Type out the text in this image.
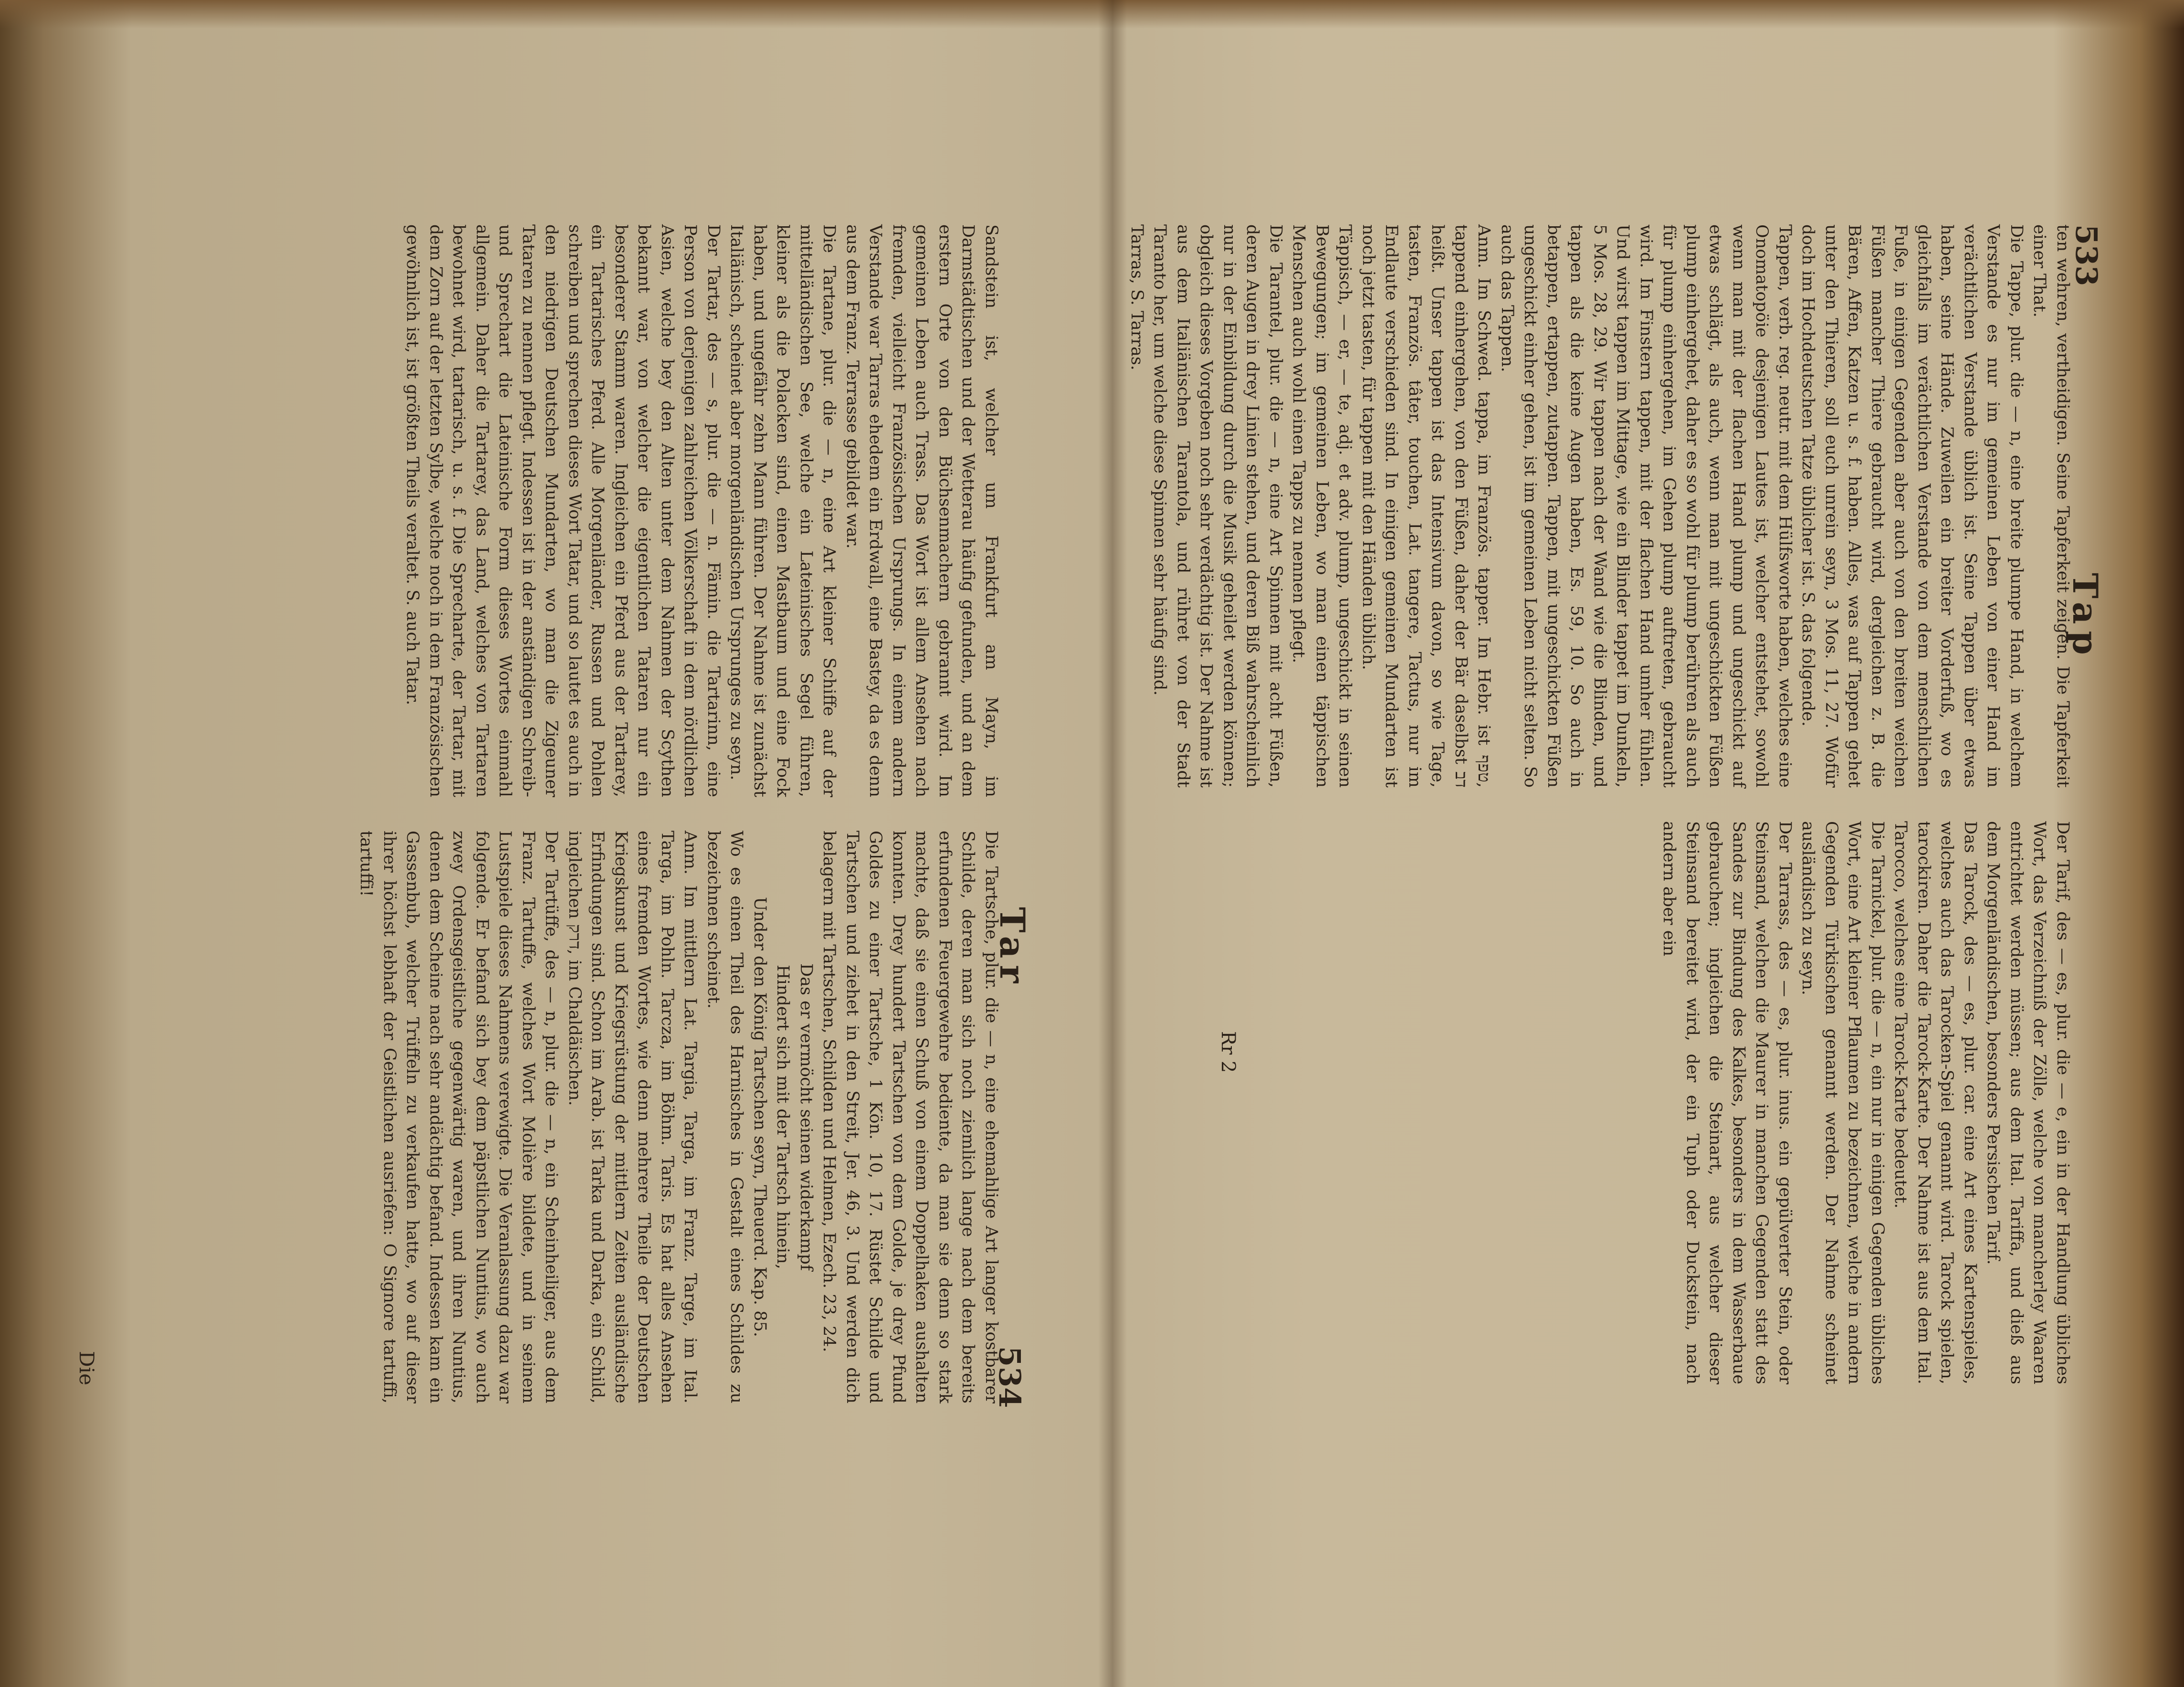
533
Tap

ten wehren, vertheidigen. Seine Tapferkeit zeigen. Die Tapferkeit einer That.

Die Tappe, plur. die — n, eine breite plumpe Hand, in welchem Verstande es nur im gemeinen Leben von einer Hand im verächtlichen Verstande üblich ist. Seine Tappen über etwas haben, seine Hände. Zuweilen ein breiter Vorderfuß, wo es gleichfalls im verächtlichen Verstande von dem menschlichen Fuße, in einigen Gegenden aber auch von den breiten weichen Füßen mancher Thiere gebraucht wird, dergleichen z. B. die Bären, Affen, Katzen u. s. f. haben. Alles, was auf Tappen gehet unter den Thieren, soll euch unrein seyn, 3 Mos. 11, 27. Wofür doch im Hochdeutschen Tatze üblicher ist. S. das folgende.

Tappen, verb. reg. neutr. mit dem Hülfsworte haben, welches eine Onomatopöie desjenigen Lautes ist, welcher entstehet, sowohl wenn man mit der flachen Hand plump und ungeschickt auf etwas schlägt, als auch, wenn man mit ungeschickten Füßen plump einhergehet, daher es so wohl für plump berühren als auch für plump einhergehen, im Gehen plump auftreten, gebraucht wird. Im Finstern tappen, mit der flachen Hand umher fühlen. Und wirst tappen im Mittage, wie ein Blinder tappet im Dunkeln, 5 Mos. 28, 29. Wir tappen nach der Wand wie die Blinden, und tappen als die keine Augen haben, Es. 59, 10. So auch in betappen, ertappen, zutappen. Tappen, mit ungeschickten Füßen ungeschickt einher gehen, ist im gemeinen Leben nicht selten. So auch das Tappen.

Anm. Im Schwed. tappa, im Französ. tapper. Im Hebr. ist טפף, tappend einhergehen, von den Füßen, daher der Bär daselbst דב heißt. Unser tappen ist das Intensivum davon, so wie Tage, tasten, Französ. tâter, touchen, Lat. tangere, Tactus, nur im Endlaute verschieden sind. In einigen gemeinen Mundarten ist noch jetzt tasten, für tappen mit den Händen üblich.

Täppisch, — er, — te, adj. et adv. plump, ungeschickt in seinen Bewegungen; im gemeinen Leben, wo man einen täppischen Menschen auch wohl einen Tapps zu nennen pflegt.

Die Tarantel, plur. die — n, eine Art Spinnen mit acht Füßen, deren Augen in drey Linien stehen, und deren Biß wahrscheinlich nur in der Einbildung durch die Musik geheilet werden können; obgleich dieses Vorgeben noch sehr verdächtig ist. Der Nahme ist aus dem Italiänischen Tarantola, und rühret von der Stadt Taranto her, um welche diese Spinnen sehr häufig sind.

Tarras, S. Tarras.

Der Tarif, des — es, plur. die — e, ein in der Handlung übliches Wort, das Verzeichniß der Zölle, welche von mancherley Waaren entrichtet werden müssen; aus dem Ital. Tariffa, und dieß aus dem Morgenländischen, besonders Persischen Tarif.

Das Tarock, des — es, plur. car. eine Art eines Kartenspieles, welches auch das Tarocken-Spiel genannt wird. Tarock spielen, tarockiren. Daher die Tarock-Karte. Der Nahme ist aus dem Ital. Tarocco, welches eine Tarock-Karte bedeutet.

Die Tarnickel, plur. die — n, ein nur in einigen Gegenden übliches Wort, eine Art kleiner Pflaumen zu bezeichnen, welche in andern Gegenden Türkischen genannt werden. Der Nahme scheinet ausländisch zu seyn.

Der Tarrass, des — es, plur. inus. ein gepülverter Stein, oder Steinsand, welchen die Maurer in manchen Gegenden statt des Sandes zur Bindung des Kalkes, besonders in dem Wasserbaue gebrauchen; ingleichen die Steinart, aus welcher dieser Steinsand bereitet wird, der ein Tuph oder Duckstein, nach andern aber ein

Rr 2
Tar
534

Sandstein ist, welcher um Frankfurt am Mayn, im Darmstädtischen und der Wetterau häufig gefunden, und an dem erstern Orte von den Büchsenmachern gebrannt wird. Im gemeinen Leben auch Trass. Das Wort ist allem Ansehen nach fremden, vielleicht Französischen Ursprungs. In einem andern Verstande war Tarras ehedem ein Erdwall, eine Bastey, da es denn aus dem Franz. Terrasse gebildet war.

Die Tartane, plur. die — n, eine Art kleiner Schiffe auf der mittelländischen See, welche ein Lateinisches Segel führen, kleiner als die Polacken sind, einen Mastbaum und eine Fock haben, und ungefähr zehn Mann führen. Der Nahme ist zunächst Italiänisch, scheinet aber morgenländischen Ursprunges zu seyn.

Der Tartar, des — s, plur. die — n. Fämin. die Tartarinn, eine Person von derjenigen zahlreichen Völkerschaft in dem nördlichen Asien, welche bey den Alten unter dem Nahmen der Scythen bekannt war, von welcher die eigentlichen Tataren nur ein besonderer Stamm waren. Ingleichen ein Pferd aus der Tartarey, ein Tartarisches Pferd. Alle Morgenländer, Russen und Pohlen schreiben und sprechen dieses Wort Tatar, und so lautet es auch in den niedrigen Deutschen Mundarten, wo man die Zigeuner Tataren zu nennen pflegt. Indessen ist in der anständigen Schreib- und Sprechart die Lateinische Form dieses Wortes einmahl allgemein. Daher die Tartarey, das Land, welches von Tartaren bewohnet wird, tartarisch, u. s. f. Die Sprecharte, der Tartar, mit dem Zorn auf der letzten Sylbe, welche noch in dem Französischen gewöhnlich ist, ist größten Theils veraltet. S. auch Tatar.

Die Tartsche, plur. die — n, eine ehemahlige Art langer kostbarer Schilde, deren man sich noch ziemlich lange nach dem bereits erfundenen Feuergewehre bediente, da man sie denn so stark machte, daß sie einen Schuß von einem Doppelhaken aushalten konnten. Drey hundert Tartschen von dem Golde, je drey Pfund Goldes zu einer Tartsche, 1 Kön. 10, 17. Rüstet Schilde und Tartschen und ziehet in den Streit, Jer. 46, 3. Und werden dich belagern mit Tartschen, Schilden und Helmen, Ezech. 23, 24.

Das er vermöcht seinen widerkampf

Hindert sich mit der Tartsch hinein,

Under den König Tartschen seyn, Theuerd. Kap. 85.

Wo es einen Theil des Harnisches in Gestalt eines Schildes zu bezeichnen scheinet.

Anm. Im mittlern Lat. Targia, Targa, im Franz. Targe, im Ital. Targa, im Pohln. Tarcza, im Böhm. Taris. Es hat alles Ansehen eines fremden Wortes, wie denn mehrere Theile der Deutschen Kriegskunst und Kriegsrüstung der mittlern Zeiten ausländische Erfindungen sind. Schon im Arab. ist Tarka und Darka, ein Schild, ingleichen דרק, im Chaldäischen.

Der Tartüffe, des — n, plur. die — n, ein Scheinheiliger, aus dem Franz. Tartuffe, welches Wort Molière bildete, und in seinem Lustspiele dieses Nahmens verewigte. Die Veranlassung dazu war folgende. Er befand sich bey dem päpstlichen Nuntius, wo auch zwey Ordensgeistliche gegenwärtig waren, und ihren Nuntius, denen dem Scheine nach sehr andächtig befand. Indessen kam ein Gassenbub, welcher Trüffeln zu verkaufen hatte, wo auf dieser ihrer höchst lebhaft der Geistlichen ausriefen: O Signore tartuffi, tartuffi!

Die
